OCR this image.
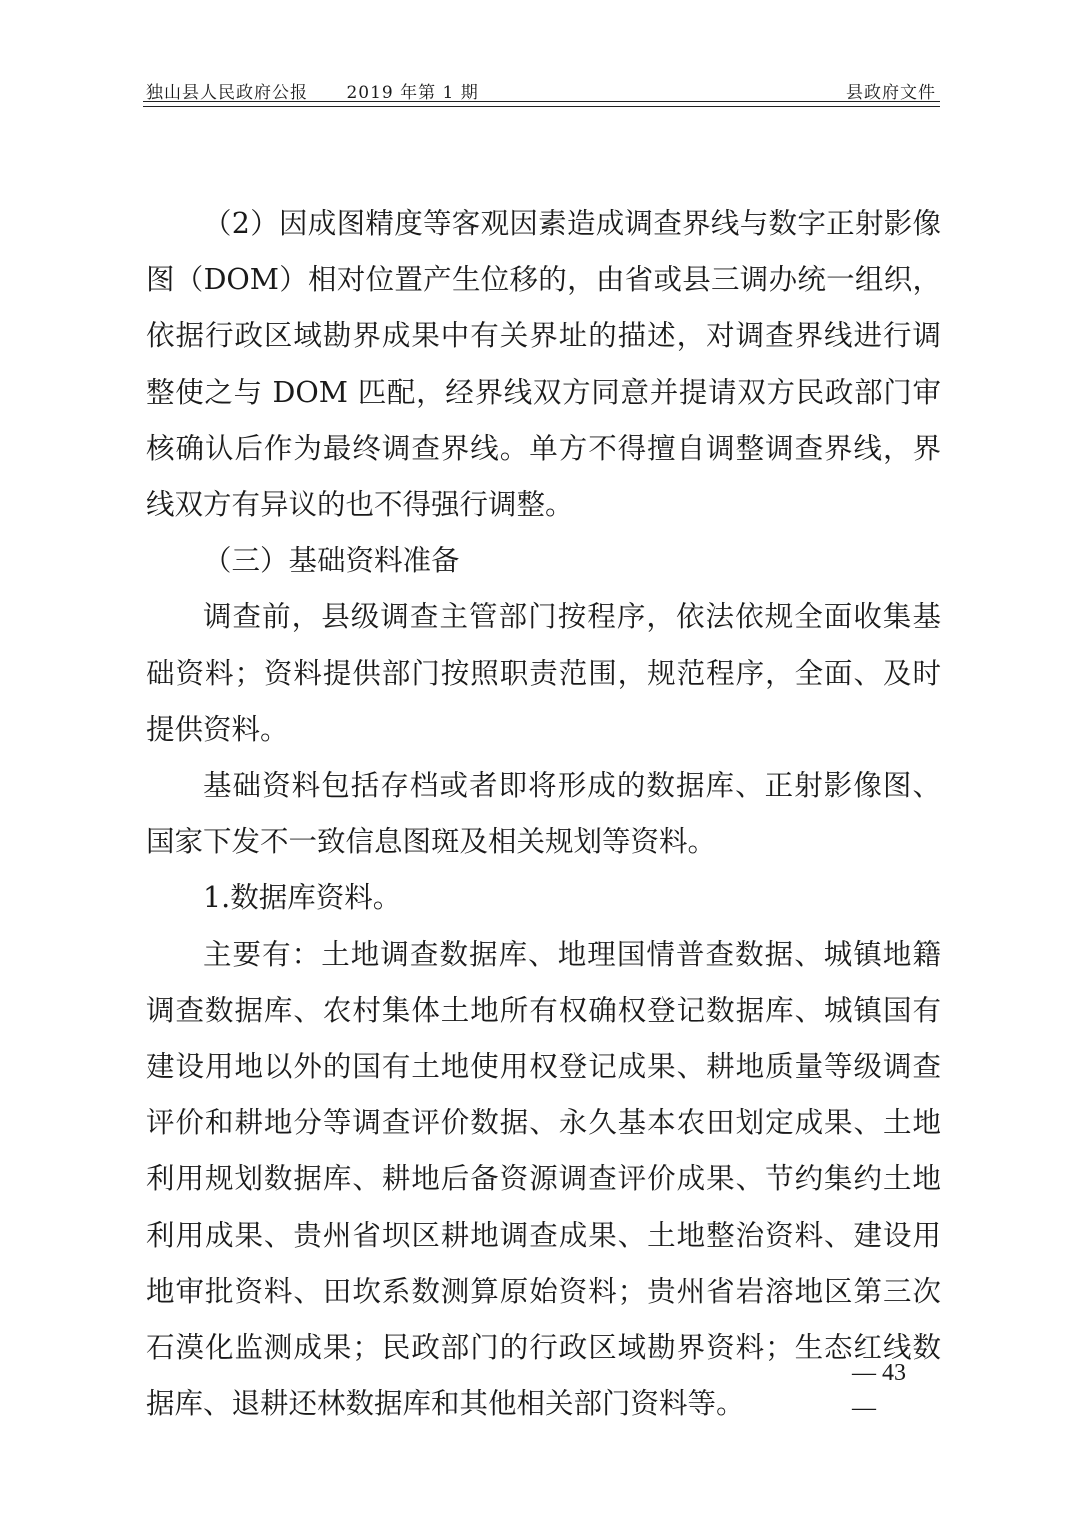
独山县人民政府公报 2019 年第 1 期	县政府文件

（2）因成图精度等客观因素造成调查界线与数字正射影像图（DOM）相对位置产生位移的，由省或县三调办统一组织，依据行政区域勘界成果中有关界址的描述，对调查界线进行调整使之与 DOM 匹配，经界线双方同意并提请双方民政部门审核确认后作为最终调查界线。单方不得擅自调整调查界线，界线双方有异议的也不得强行调整。

（三）基础资料准备

调查前，县级调查主管部门按程序，依法依规全面收集基础资料；资料提供部门按照职责范围，规范程序，全面、及时提供资料。

基础资料包括存档或者即将形成的数据库、正射影像图、国家下发不一致信息图斑及相关规划等资料。

1.数据库资料。

主要有：土地调查数据库、地理国情普查数据、城镇地籍调查数据库、农村集体土地所有权确权登记数据库、城镇国有建设用地以外的国有土地使用权登记成果、耕地质量等级调查评价和耕地分等调查评价数据、永久基本农田划定成果、土地利用规划数据库、耕地后备资源调查评价成果、节约集约土地利用成果、贵州省坝区耕地调查成果、土地整治资料、建设用地审批资料、田坎系数测算原始资料；贵州省岩溶地区第三次石漠化监测成果；民政部门的行政区域勘界资料；生态红线数据库、退耕还林数据库和其他相关部门资料等。

— 43
—
